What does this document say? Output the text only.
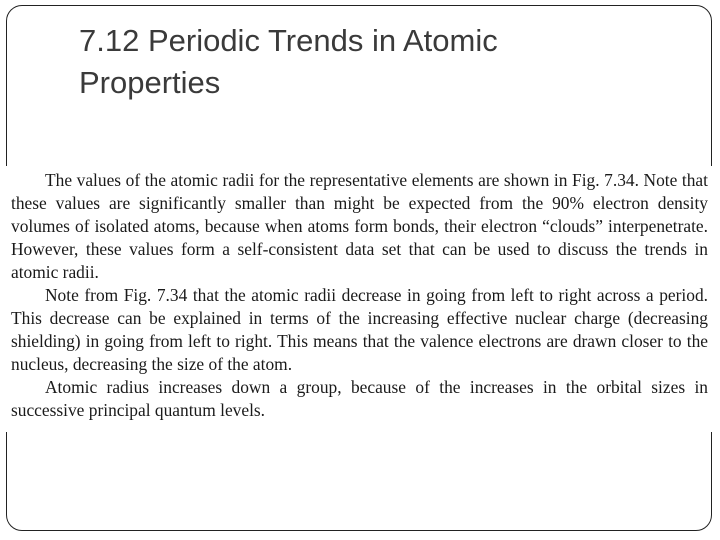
7.12 Periodic Trends in Atomic
Properties

The values of the atomic radii for the representative elements are shown in Fig. 7.34. Note that these values are significantly smaller than might be expected from the 90% electron density volumes of isolated atoms, because when atoms form bonds, their electron “clouds” interpenetrate. However, these values form a self-consistent data set that can be used to discuss the trends in atomic radii.

Note from Fig. 7.34 that the atomic radii decrease in going from left to right across a period. This decrease can be explained in terms of the increasing effective nuclear charge (decreasing shielding) in going from left to right. This means that the valence electrons are drawn closer to the nucleus, decreasing the size of the atom.

Atomic radius increases down a group, because of the increases in the orbital sizes in successive principal quantum levels.
